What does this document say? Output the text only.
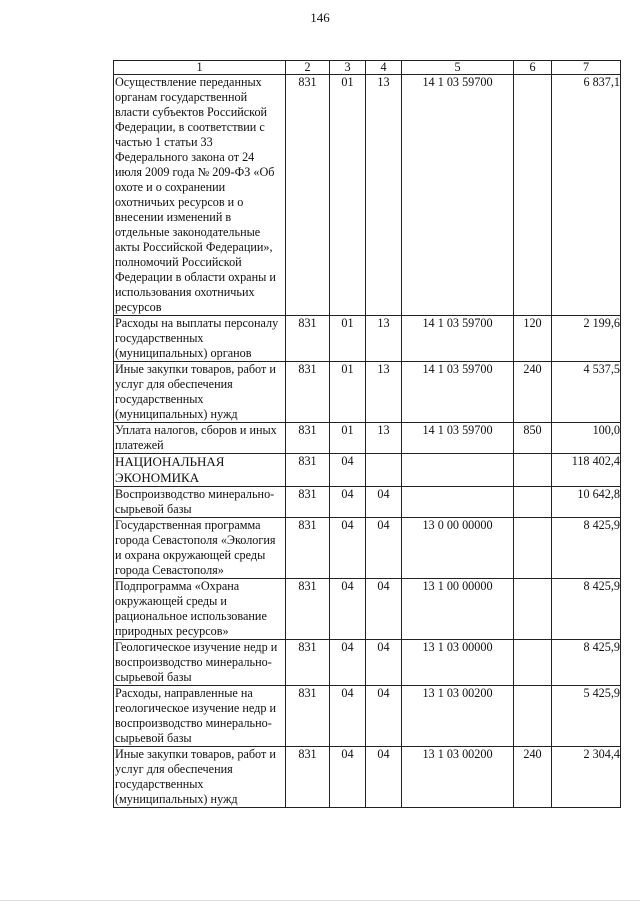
146
1	2	3	4	5	6	7
Осуществление переданных органам государственной власти субъектов Российской Федерации, в соответствии с частью 1 статьи 33 Федерального закона от 24 июля 2009 года № 209-ФЗ «Об охоте и о сохранении охотничьих ресурсов и о внесении изменений в отдельные законодательные акты Российской Федерации», полномочий Российской Федерации в области охраны и использования охотничьих ресурсов	831	01	13	14 1 03 59700		6 837,1
Расходы на выплаты персоналу государственных (муниципальных) органов	831	01	13	14 1 03 59700	120	2 199,6
Иные закупки товаров, работ и услуг для обеспечения государственных (муниципальных) нужд	831	01	13	14 1 03 59700	240	4 537,5
Уплата налогов, сборов и иных платежей	831	01	13	14 1 03 59700	850	100,0
НАЦИОНАЛЬНАЯ ЭКОНОМИКА	831	04				118 402,4
Воспроизводство минерально-сырьевой базы	831	04	04			10 642,8
Государственная программа города Севастополя «Экология и охрана окружающей среды города Севастополя»	831	04	04	13 0 00 00000		8 425,9
Подпрограмма «Охрана окружающей среды и рациональное использование природных ресурсов»	831	04	04	13 1 00 00000		8 425,9
Геологическое изучение недр и воспроизводство минерально-сырьевой базы	831	04	04	13 1 03 00000		8 425,9
Расходы, направленные на геологическое изучение недр и воспроизводство минерально-сырьевой базы	831	04	04	13 1 03 00200		5 425,9
Иные закупки товаров, работ и услуг для обеспечения государственных (муниципальных) нужд	831	04	04	13 1 03 00200	240	2 304,4
